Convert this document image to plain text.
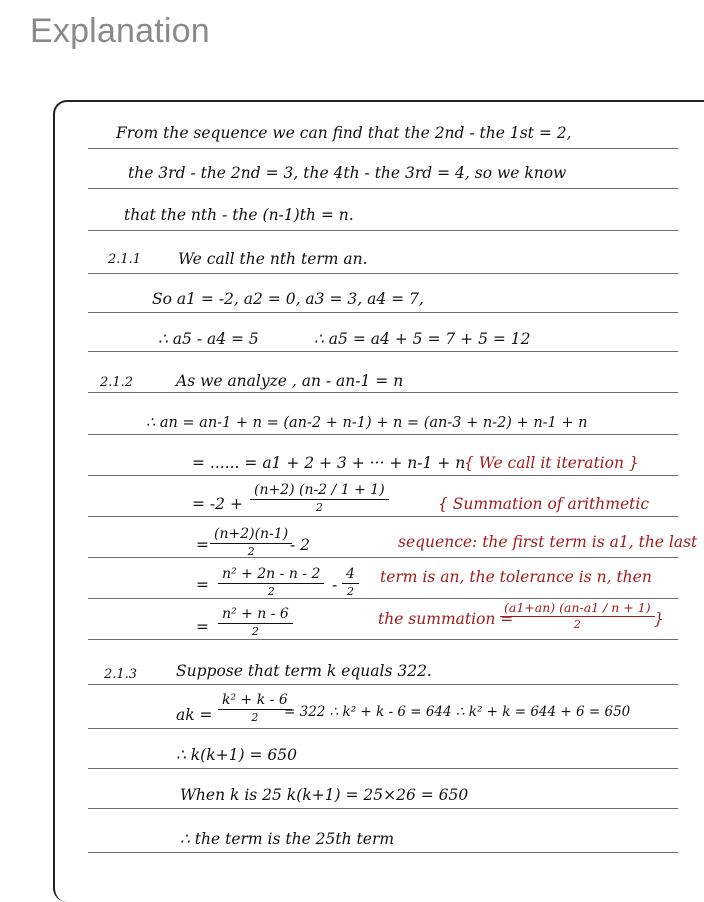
Explanation
From the sequence we can find that the 2nd - the 1st = 2,
the 3rd - the 2nd = 3, the 4th - the 3rd = 4, so we know
that the nth - the (n-1)th = n.
2.1.1 We call the nth term an.
So a1 = -2, a2 = 0, a3 = 3, a4 = 7,
∴ a5 - a4 = 5	∴ a5 = a4 + 5 = 7 + 5 = 12
2.1.2	As we analyze , an - an-1 = n
∴ an = an-1 + n = (an-2 + n-1) + n = (an-3 + n-2) + n-1 + n
= ...... = a1 + 2 + 3 + ··· + n-1 + n
{ We call it iteration }
= -2 +
(n+2) (n-2 / 1 + 1)
2	{ Summation of arithmetic
(n+2)(n-1)
2
=	- 2	sequence: the first term is a1, the last
=
n² + 2n - n - 2
2	-
4
2
term is an, the tolerance is n, then
=
n² + n - 6
2
the summation =
$\frac{(a1+an) (an-a1 / n + 1)}{2}$ }
2.1.3	Suppose that term k equals 322.
ak =
k² + k - 6
2 = 322 ∴ k² + k - 6 = 644 ∴ k² + k = 644 + 6 = 650
∴ k(k+1) = 650
When k is 25 k(k+1) = 25×26 = 650
∴ the term is the 25th term
